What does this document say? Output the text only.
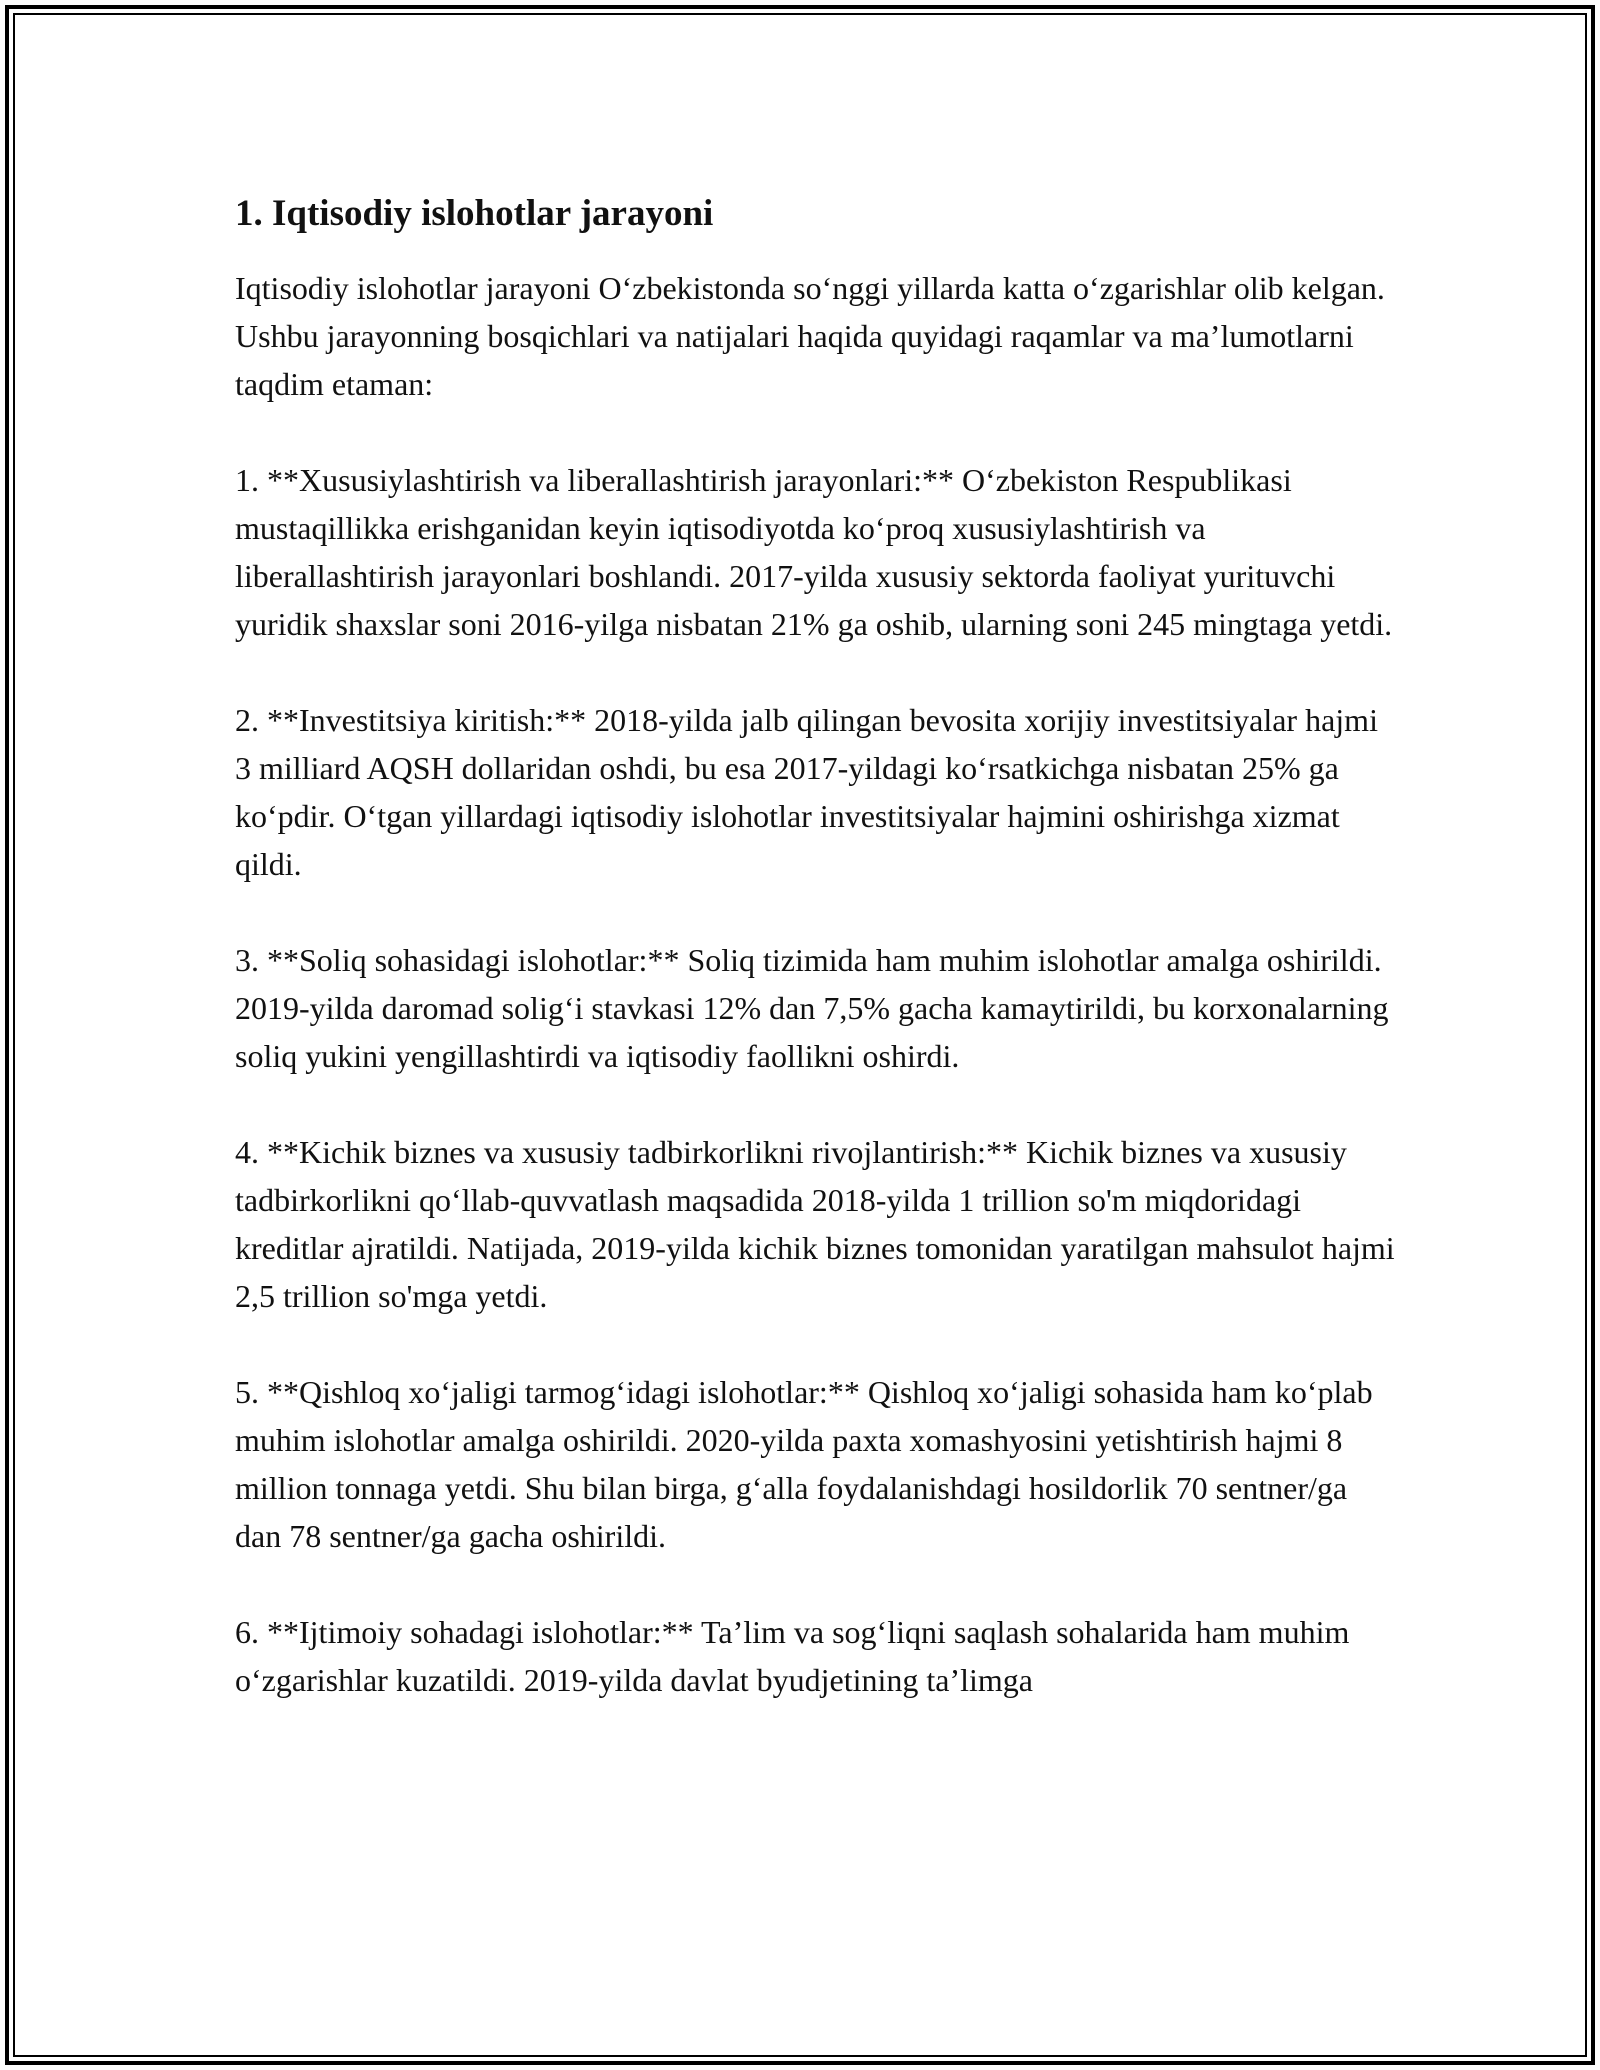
1. Iqtisodiy islohotlar jarayoni

Iqtisodiy islohotlar jarayoni O‘zbekistonda so‘nggi yillarda katta o‘zgarishlar olib kelgan. Ushbu jarayonning bosqichlari va natijalari haqida quyidagi raqamlar va ma’lumotlarni taqdim etaman:

1. **Xususiylashtirish va liberallashtirish jarayonlari:** O‘zbekiston Respublikasi mustaqillikka erishganidan keyin iqtisodiyotda ko‘proq xususiylashtirish va liberallashtirish jarayonlari boshlandi. 2017-yilda xususiy sektorda faoliyat yurituvchi yuridik shaxslar soni 2016-yilga nisbatan 21% ga oshib, ularning soni 245 mingtaga yetdi.

2. **Investitsiya kiritish:** 2018-yilda jalb qilingan bevosita xorijiy investitsiyalar hajmi 3 milliard AQSH dollaridan oshdi, bu esa 2017-yildagi ko‘rsatkichga nisbatan 25% ga ko‘pdir. O‘tgan yillardagi iqtisodiy islohotlar investitsiyalar hajmini oshirishga xizmat qildi.

3. **Soliq sohasidagi islohotlar:** Soliq tizimida ham muhim islohotlar amalga oshirildi. 2019-yilda daromad solig‘i stavkasi 12% dan 7,5% gacha kamaytirildi, bu korxonalarning soliq yukini yengillashtirdi va iqtisodiy faollikni oshirdi.

4. **Kichik biznes va xususiy tadbirkorlikni rivojlantirish:** Kichik biznes va xususiy tadbirkorlikni qo‘llab-quvvatlash maqsadida 2018-yilda 1 trillion so'm miqdoridagi kreditlar ajratildi. Natijada, 2019-yilda kichik biznes tomonidan yaratilgan mahsulot hajmi 2,5 trillion so'mga yetdi.

5. **Qishloq xo‘jaligi tarmog‘idagi islohotlar:** Qishloq xo‘jaligi sohasida ham ko‘plab muhim islohotlar amalga oshirildi. 2020-yilda paxta xomashyosini yetishtirish hajmi 8 million tonnaga yetdi. Shu bilan birga, g‘alla foydalanishdagi hosildorlik 70 sentner/ga dan 78 sentner/ga gacha oshirildi.

6. **Ijtimoiy sohadagi islohotlar:** Ta’lim va sog‘liqni saqlash sohalarida ham muhim o‘zgarishlar kuzatildi. 2019-yilda davlat byudjetining ta’limga
